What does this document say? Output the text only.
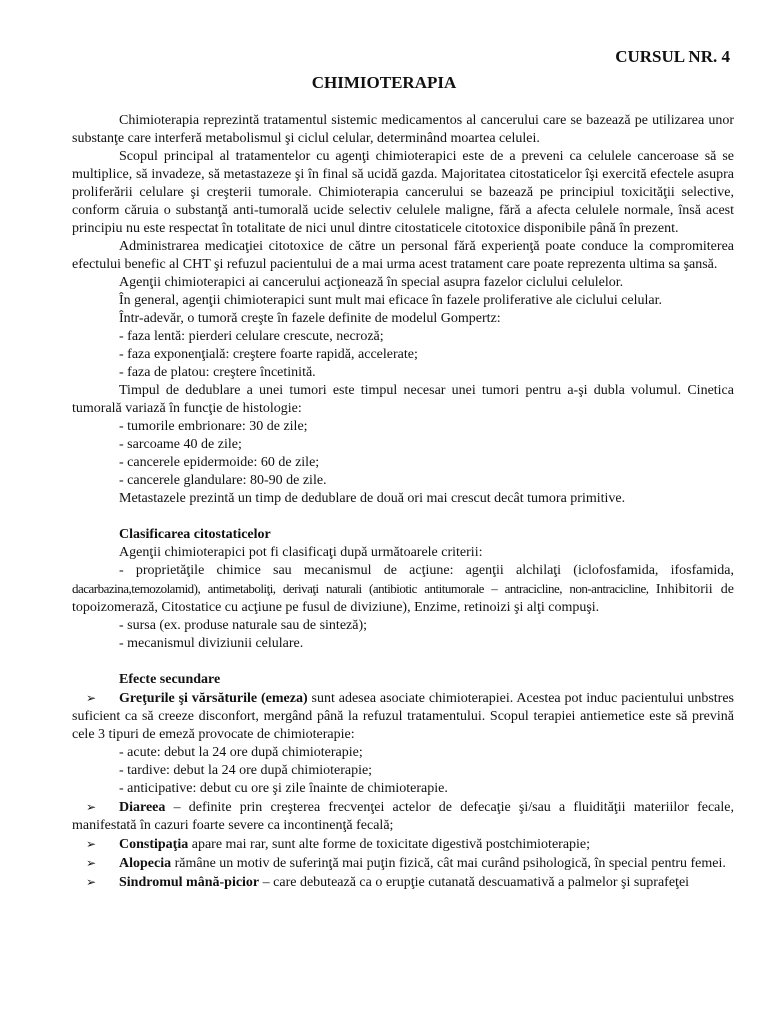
CURSUL NR. 4
CHIMIOTERAPIA

Chimioterapia reprezintă tratamentul sistemic medicamentos al cancerului care se bazează pe utilizarea unor substanţe care interferă metabolismul şi ciclul celular, determinând moartea celulei.

Scopul principal al tratamentelor cu agenţi chimioterapici este de a preveni ca celulele canceroase să se multiplice, să invadeze, să metastazeze şi în final să ucidă gazda. Majoritatea citostaticelor îşi exercită efectele asupra proliferării celulare şi creşterii tumorale. Chimioterapia cancerului se bazează pe principiul toxicităţii selective, conform căruia o substanţă anti-tumorală ucide selectiv celulele maligne, fără a afecta celulele normale, însă acest principiu nu este respectat în totalitate de nici unul dintre citostaticele citotoxice disponibile până în prezent.

Administrarea medicaţiei citotoxice de către un personal fără experienţă poate conduce la compromiterea efectului benefic al CHT şi refuzul pacientului de a mai urma acest tratament care poate reprezenta ultima sa şansă.

Agenţii chimioterapici ai cancerului acţionează în special asupra fazelor ciclului celulelor.

În general, agenţii chimioterapici sunt mult mai eficace în fazele proliferative ale ciclului celular.

Într-adevăr, o tumoră creşte în fazele definite de modelul Gompertz:

- faza lentă: pierderi celulare crescute, necroză;

- faza exponenţială: creştere foarte rapidă, accelerate;

- faza de platou: creştere încetinită.

Timpul de dedublare a unei tumori este timpul necesar unei tumori pentru a-şi dubla volumul. Cinetica tumorală variază în funcţie de histologie:

- tumorile embrionare: 30 de zile;

- sarcoame 40 de zile;

- cancerele epidermoide: 60 de zile;

- cancerele glandulare: 80-90 de zile.

Metastazele prezintă un timp de dedublare de două ori mai crescut decât tumora primitive.

Clasificarea citostaticelor

Agenţii chimioterapici pot fi clasificaţi după următoarele criterii:

- proprietăţile chimice sau mecanismul de acţiune: agenţii alchilaţi (iclofosfamida, ifosfamida, dacarbazina,temozolamid), antimetaboliţi, derivaţi naturali (antibiotic antitumorale – antracicline, non-antracicline, Inhibitorii de topoizomerază, Citostatice cu acţiune pe fusul de diviziune), Enzime, retinoizi şi alţi compuşi.

- sursa (ex. produse naturale sau de sinteză);

- mecanismul diviziunii celulare.

Efecte secundare

➢ Greţurile şi vărsăturile (emeza) sunt adesea asociate chimioterapiei. Acestea pot induc pacientului unbstres suficient ca să creeze disconfort, mergând până la refuzul tratamentului. Scopul terapiei antiemetice este să prevină cele 3 tipuri de emeză provocate de chimioterapie:

- acute: debut la 24 ore după chimioterapie;

- tardive: debut la 24 ore după chimioterapie;

- anticipative: debut cu ore şi zile înainte de chimioterapie.

➢ Diareea – definite prin creşterea frecvenţei actelor de defecaţie şi/sau a fluidităţii materiilor fecale, manifestată în cazuri foarte severe ca incontinenţă fecală;

➢ Constipaţia apare mai rar, sunt alte forme de toxicitate digestivă postchimioterapie;

➢ Alopecia rămâne un motiv de suferinţă mai puţin fizică, cât mai curând psihologică, în special pentru femei.

➢ Sindromul mână-picior – care debutează ca o erupţie cutanată descuamativă a palmelor şi suprafeţei
